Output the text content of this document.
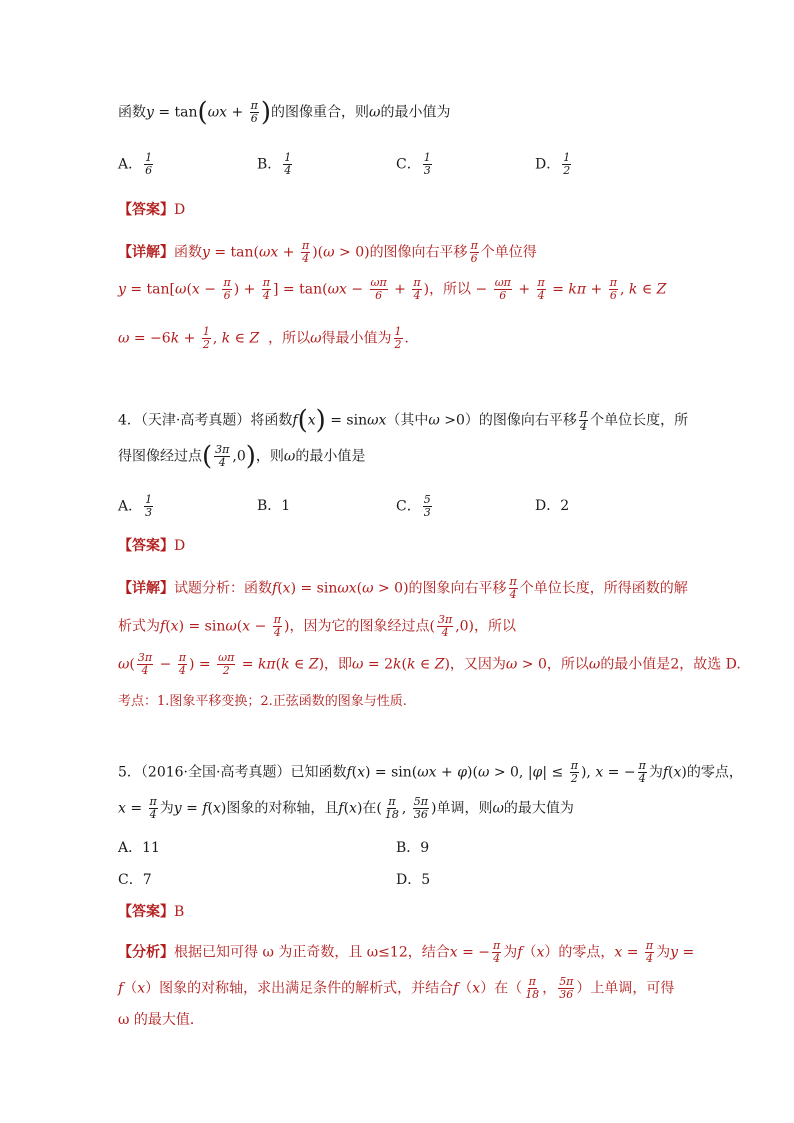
函数$y = \tan(\omega x + \frac{\pi}{6}$ )的图像重合，则ω的最小值为
A． $\frac{1}{6}$	B． $\frac{1}{4}$	C． $\frac{1}{3}$	D． $\frac{1}{2}$
【答案】D
【详解】函数$y = \tan(\omega x + \frac{\pi}{4} )(\omega > 0)$的图像向右平移 $\frac{\pi}{6}$ 个单位得
$y = \tan[\omega(x - \frac{\pi}{6}$ ) + $\frac{\pi}{4}$ ] = $\tan(\omega x - \frac{\omega\pi}{6} + \frac{\pi}{4}$ )，所以 − $\frac{\omega\pi}{6} + \frac{\pi}{4} = k\pi + \frac{\pi}{6}$ , k ∈ Z
$\omega = -6k + \frac{1}{2}$ , k ∈ Z ，所以ω得最小值为 $\frac{1}{2}$ ．
4．（天津·高考真题）将函数f(x) = sinωx（其中ω >0）的图像向右平移 $\frac{\pi}{4}$ 个单位长度，所
得图像经过点( $\frac{3\pi}{4} ,0$)，则ω的最小值是
A． $\frac{1}{3}$	B．1	C． $\frac{5}{3}$	D．2
【答案】D
【详解】试题分析：函数f(x) = sinωx(ω > 0)的图象向右平移 $\frac{\pi}{4}$ 个单位长度，所得函数的解
析式为$f(x) = \sin\omega(x - \frac{\pi}{4}$ )，因为它的图象经过点( $\frac{3\pi}{4} ,0$)，所以
$\omega( \frac{3\pi}{4} - \frac{\pi}{4}$ ) = $\frac{\omega\pi}{2} = k\pi(k$ ∈ Z)，即ω = 2k(k ∈ Z)，又因为ω > 0，所以ω的最小值是2，故选 D.
考点：1.图象平移变换；2.正弦函数的图象与性质.
5．（2016·全国·高考真题）已知函数f(x) = sin(ωx + φ)(ω > 0, $|\varphi| \le \frac{\pi}{2}$ ), x = − $\frac{\pi}{4}$ 为f(x)的零点，
$x = \frac{\pi}{4}$ 为y = f(x)图象的对称轴，且f(x)在( $\frac{\pi}{18}$ , $\frac{5\pi}{36}$ )单调，则ω的最大值为
A．11	B．9
C．7	D．5
【答案】B
【分析】根据已知可得 ω 为正奇数，且 ω≤12，结合x = − $\frac{\pi}{4}$ 为f（x）的零点，$x = \frac{\pi}{4}$ 为y =
f（x）图象的对称轴，求出满足条件的解析式，并结合f（x）在（ $\frac{\pi}{18}$ ， $\frac{5\pi}{36}$ ）上单调，可得
ω 的最大值．
